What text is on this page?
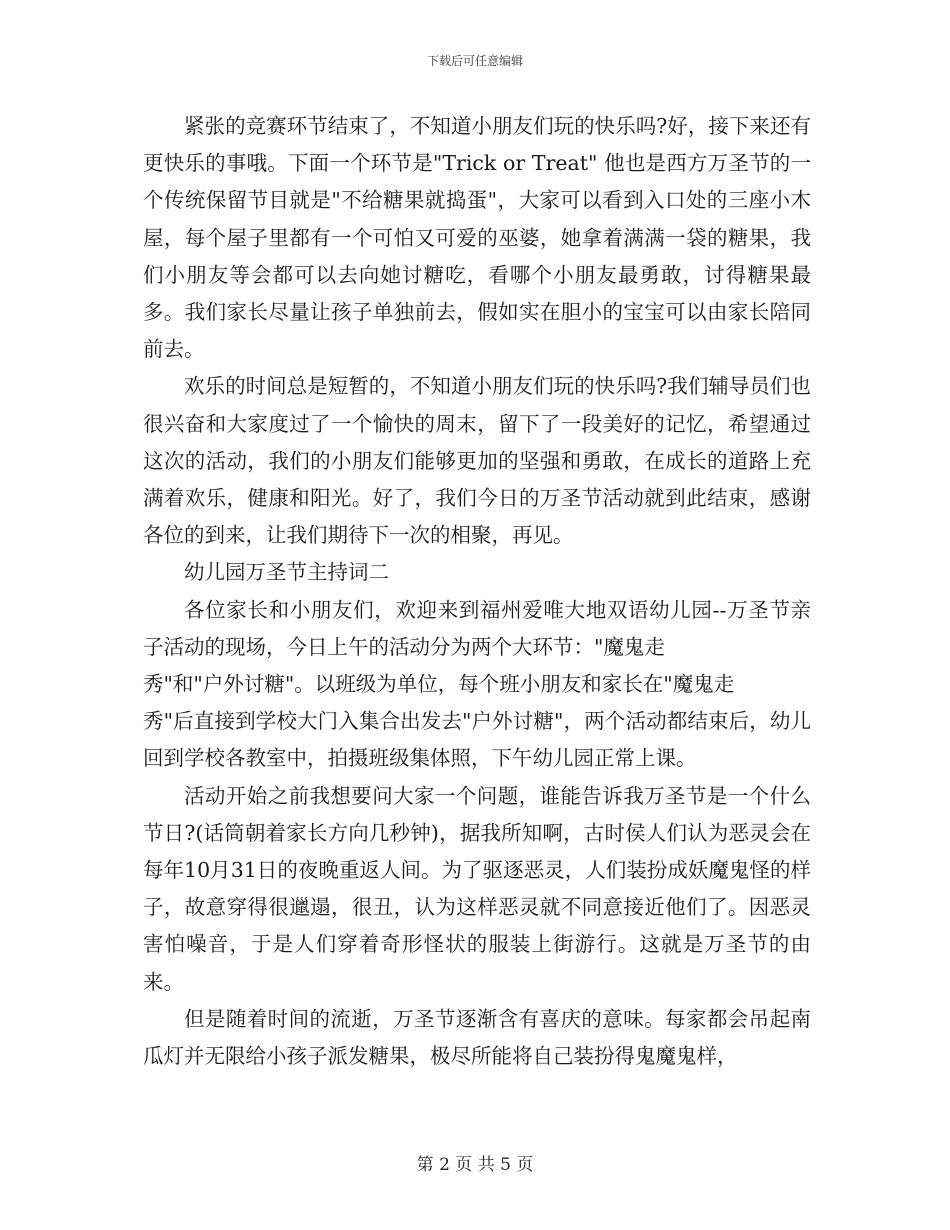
下载后可任意编辑

紧张的竞赛环节结束了，不知道小朋友们玩的快乐吗?好，接下来还有更快乐的事哦。下面一个环节是"Trick or Treat" 他也是西方万圣节的一个传统保留节目就是"不给糖果就捣蛋"，大家可以看到入口处的三座小木屋，每个屋子里都有一个可怕又可爱的巫婆，她拿着满满一袋的糖果，我们小朋友等会都可以去向她讨糖吃，看哪个小朋友最勇敢，讨得糖果最多。我们家长尽量让孩子单独前去，假如实在胆小的宝宝可以由家长陪同前去。

欢乐的时间总是短暂的，不知道小朋友们玩的快乐吗?我们辅导员们也很兴奋和大家度过了一个愉快的周末，留下了一段美好的记忆，希望通过这次的活动，我们的小朋友们能够更加的坚强和勇敢，在成长的道路上充满着欢乐，健康和阳光。好了，我们今日的万圣节活动就到此结束，感谢各位的到来，让我们期待下一次的相聚，再见。

幼儿园万圣节主持词二

各位家长和小朋友们，欢迎来到福州爱唯大地双语幼儿园--万圣节亲子活动的现场，今日上午的活动分为两个大环节："魔鬼走
秀"和"户外讨糖"。以班级为单位，每个班小朋友和家长在"魔鬼走
秀"后直接到学校大门入集合出发去"户外讨糖"，两个活动都结束后，幼儿回到学校各教室中，拍摄班级集体照，下午幼儿园正常上课。

活动开始之前我想要问大家一个问题，谁能告诉我万圣节是一个什么节日?(话筒朝着家长方向几秒钟)，据我所知啊，古时侯人们认为恶灵会在每年10月31日的夜晚重返人间。为了驱逐恶灵，人们装扮成妖魔鬼怪的样子，故意穿得很邋遢，很丑，认为这样恶灵就不同意接近他们了。因恶灵害怕噪音，于是人们穿着奇形怪状的服装上街游行。这就是万圣节的由来。

但是随着时间的流逝，万圣节逐渐含有喜庆的意味。每家都会吊起南瓜灯并无限给小孩子派发糖果，极尽所能将自己装扮得鬼魔鬼样，

第 2 页 共 5 页
